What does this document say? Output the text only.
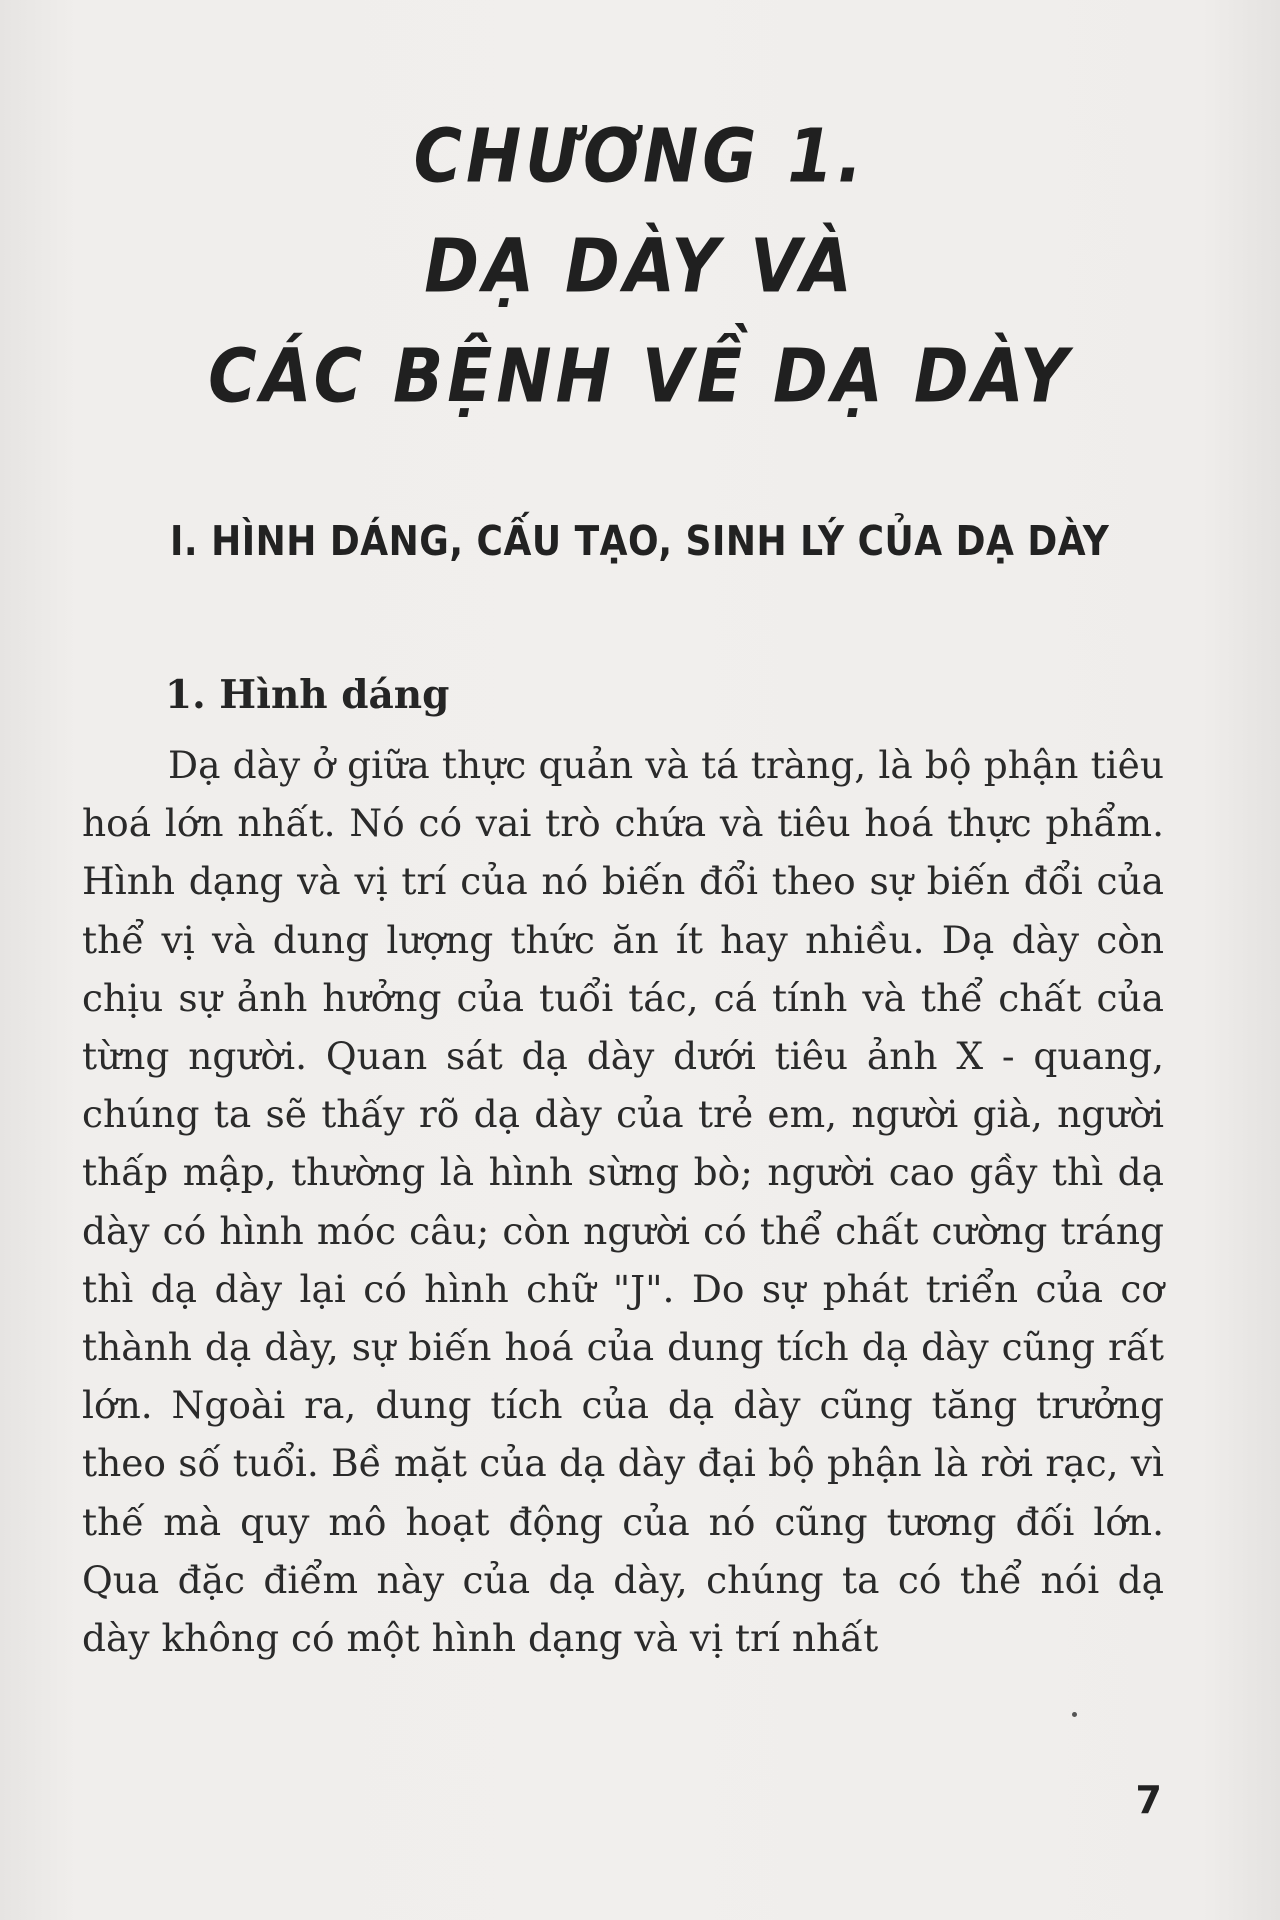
CHƯƠNG 1.
DẠ DÀY VÀ
CÁC BỆNH VỀ DẠ DÀY
I. HÌNH DÁNG, CẤU TẠO, SINH LÝ CỦA DẠ DÀY
1. Hình dáng

Dạ dày ở giữa thực quản và tá tràng, là bộ phận tiêu hoá lớn nhất. Nó có vai trò chứa và tiêu hoá thực phẩm. Hình dạng và vị trí của nó biến đổi theo sự biến đổi của thể vị và dung lượng thức ăn ít hay nhiều. Dạ dày còn chịu sự ảnh hưởng của tuổi tác, cá tính và thể chất của từng người. Quan sát dạ dày dưới tiêu ảnh X - quang, chúng ta sẽ thấy rõ dạ dày của trẻ em, người già, người thấp mập, thường là hình sừng bò; người cao gầy thì dạ dày có hình móc câu; còn người có thể chất cường tráng thì dạ dày lại có hình chữ "J". Do sự phát triển của cơ thành dạ dày, sự biến hoá của dung tích dạ dày cũng rất lớn. Ngoài ra, dung tích của dạ dày cũng tăng trưởng theo số tuổi. Bề mặt của dạ dày đại bộ phận là rời rạc, vì thế mà quy mô hoạt động của nó cũng tương đối lớn. Qua đặc điểm này của dạ dày, chúng ta có thể nói dạ dày không có một hình dạng và vị trí nhất

7
